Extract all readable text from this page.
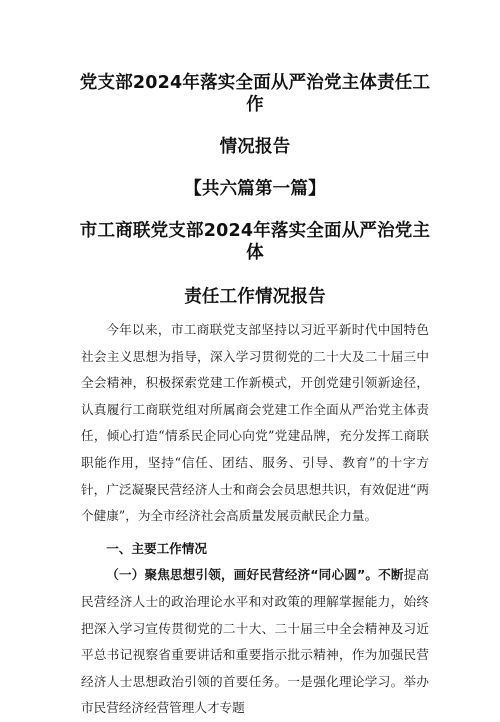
党支部2024年落实全面从严治党主体责任工作
情况报告
【共六篇第一篇】
市工商联党支部2024年落实全面从严治党主体
责任工作情况报告

今年以来，市工商联党支部坚持以习近平新时代中国特色社会主义思想为指导，深入学习贯彻党的二十大及二十届三中全会精神，积极探索党建工作新模式，开创党建引领新途径，认真履行工商联党组对所属商会党建工作全面从严治党主体责任，倾心打造“情系民企同心向党”党建品牌，充分发挥工商联职能作用，坚持“信任、团结、服务、引导、教育”的十字方针，广泛凝聚民营经济人士和商会会员思想共识，有效促进“两个健康”，为全市经济社会高质量发展贡献民企力量。

一、主要工作情况

（一）聚焦思想引领，画好民营经济“同心圆”。不断提高民营经济人士的政治理论水平和对政策的理解掌握能力，始终把深入学习宣传贯彻党的二十大、二十届三中全会精神及习近平总书记视察省重要讲话和重要指示批示精神，作为加强民营经济人士思想政治引领的首要任务。一是强化理论学习。举办市民营经济经营管理人才专题
